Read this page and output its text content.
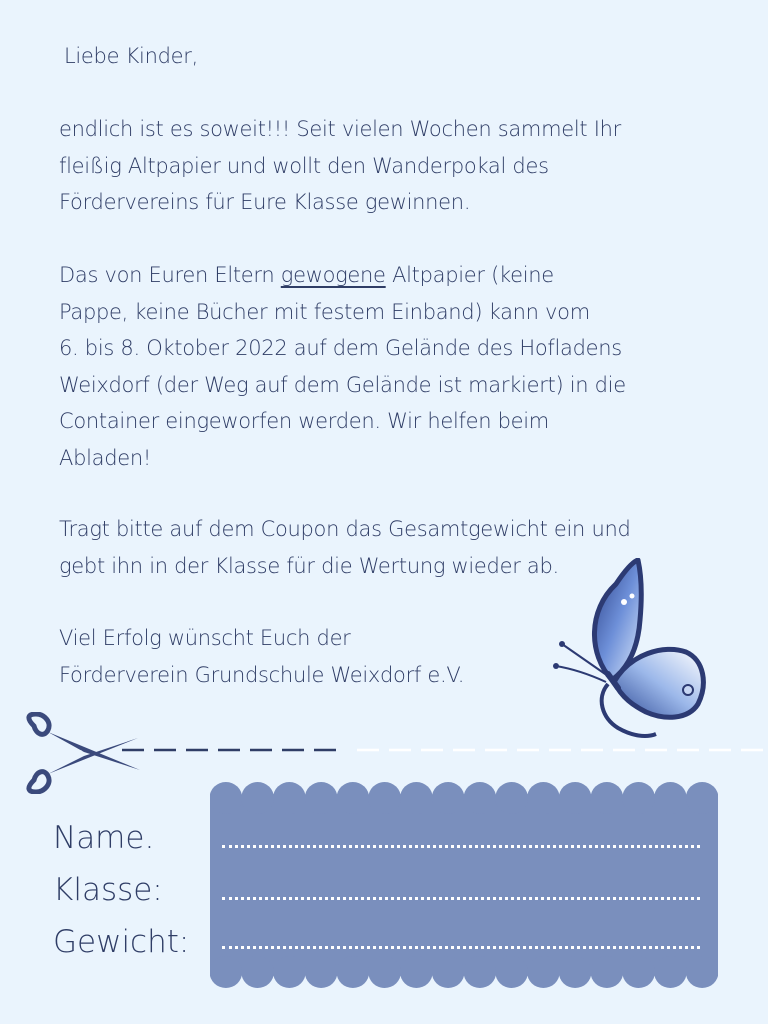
Liebe Kinder,

endlich ist es soweit!!! Seit vielen Wochen sammelt Ihr
fleißig Altpapier und wollt den Wanderpokal des
Fördervereins für Eure Klasse gewinnen.

Das von Euren Eltern gewogene Altpapier (keine
Pappe, keine Bücher mit festem Einband) kann vom
6. bis 8. Oktober 2022 auf dem Gelände des Hofladens
Weixdorf (der Weg auf dem Gelände ist markiert) in die
Container eingeworfen werden. Wir helfen beim
Abladen!

Tragt bitte auf dem Coupon das Gesamtgewicht ein und
gebt ihn in der Klasse für die Wertung wieder ab.

Viel Erfolg wünscht Euch der
Förderverein Grundschule Weixdorf e.V.

Name.
Klasse:
Gewicht:
